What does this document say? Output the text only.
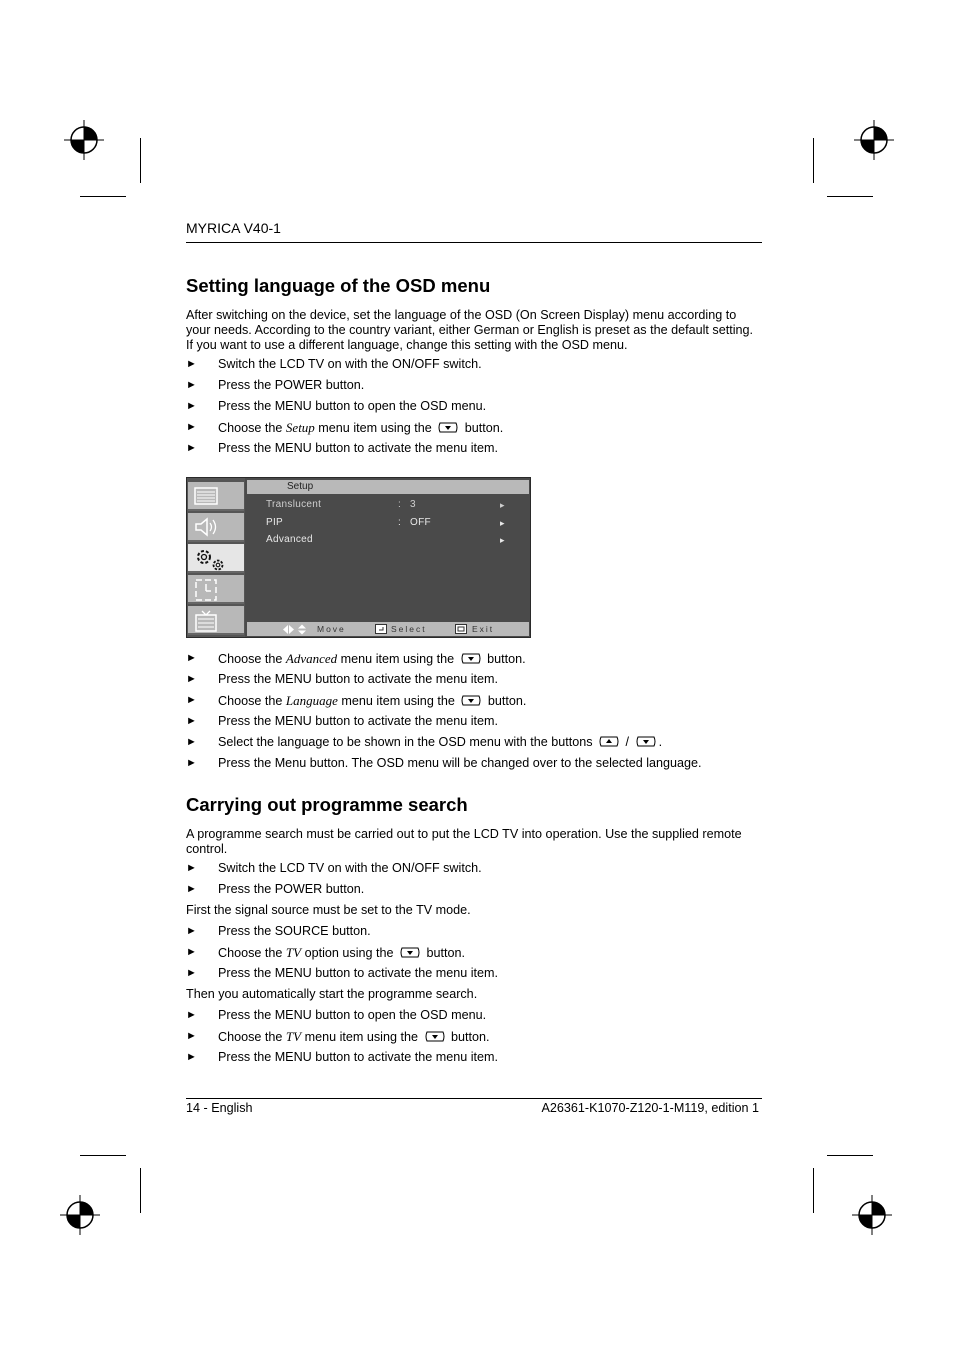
MYRICA V40-1
Setting language of the OSD menu
After switching on the device, set the language of the OSD (On Screen Display) menu according to your needs. According to the country variant, either German or English is preset as the default setting. If you want to use a different language, change this setting with the OSD menu.
► Switch the LCD TV on with the ON/OFF switch.
► Press the POWER button.
► Press the MENU button to open the OSD menu.
► Choose the Setup menu item using the  button.
► Press the MENU button to activate the menu item.
Setup
Translucent	: 3	▸
PIP	: OFF	▸
Advanced	▸
Move	Select	Exit
► Choose the Advanced menu item using the  button.
► Press the MENU button to activate the menu item.
► Choose the Language menu item using the  button.
► Press the MENU button to activate the menu item.
► Select the language to be shown in the OSD menu with the buttons  / .
► Press the Menu button. The OSD menu will be changed over to the selected language.
Carrying out programme search
A programme search must be carried out to put the LCD TV into operation. Use the supplied remote control.
► Switch the LCD TV on with the ON/OFF switch.
► Press the POWER button.
First the signal source must be set to the TV mode.
► Press the SOURCE button.
► Choose the TV option using the  button.
► Press the MENU button to activate the menu item.
Then you automatically start the programme search.
► Press the MENU button to open the OSD menu.
► Choose the TV menu item using the  button.
► Press the MENU button to activate the menu item.
14 - English	A26361-K1070-Z120-1-M119, edition 1
